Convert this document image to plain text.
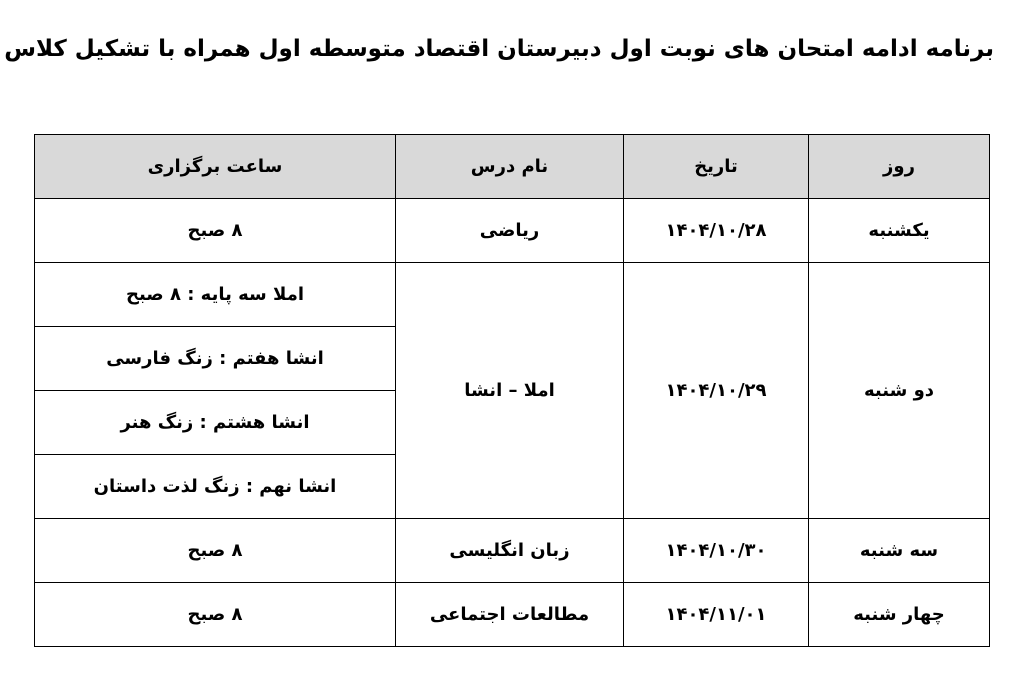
برنامه ادامه امتحان های نوبت اول دبیرستان اقتصاد متوسطه اول همراه با تشکیل کلاس
روز	تاریخ	نام درس	ساعت برگزاری
یکشنبه	۱۴۰۴/۱۰/۲۸	ریاضی	۸ صبح
دو شنبه	۱۴۰۴/۱۰/۲۹	املا – انشا	املا سه پایه : ۸ صبح
			انشا هفتم : زنگ فارسی
			انشا هشتم : زنگ هنر
			انشا نهم : زنگ لذت داستان
سه شنبه	۱۴۰۴/۱۰/۳۰	زبان انگلیسی	۸ صبح
چهار شنبه	۱۴۰۴/۱۱/۰۱	مطالعات اجتماعی	۸ صبح
